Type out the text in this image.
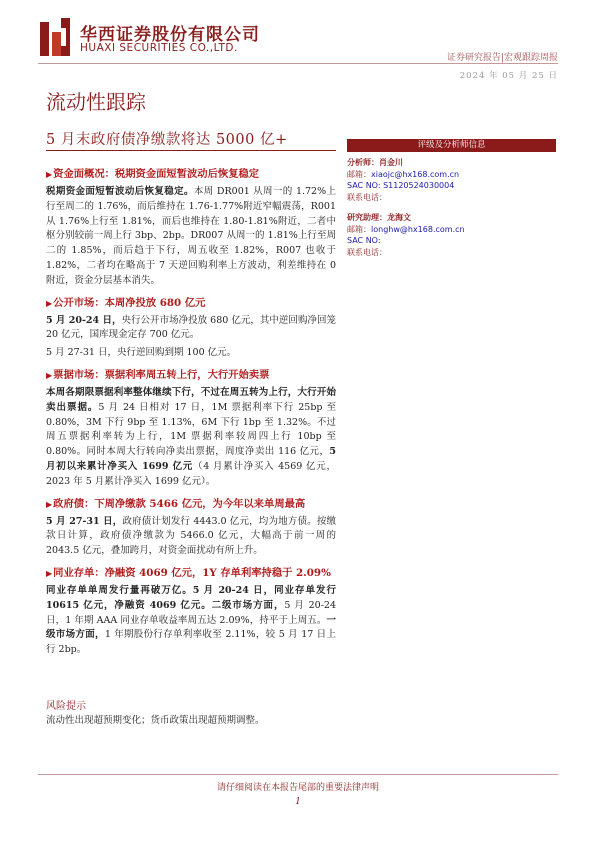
华西证券股份有限公司
HUAXI SECURITIES CO.,LTD.
证券研究报告|宏观跟踪周报
2024 年 05 月 25 日
流动性跟踪
5 月末政府债净缴款将达 5000 亿+
▶资金面概况：税期资金面短暂波动后恢复稳定
税期资金面短暂波动后恢复稳定。本周 DR001 从周一的 1.72%上行至周二的 1.76%，而后维持在 1.76-1.77%附近窄幅震荡，R001 从 1.76%上行至 1.81%，而后也维持在 1.80-1.81%附近，二者中枢分别较前一周上行 3bp、2bp。DR007 从周一的 1.81%上行至周二的 1.85%，而后趋于下行，周五收至 1.82%，R007 也收于 1.82%，二者均在略高于 7 天逆回购利率上方波动，利差维持在 0 附近，资金分层基本消失。
▶公开市场：本周净投放 680 亿元
5 月 20-24 日，央行公开市场净投放 680 亿元，其中逆回购净回笼 20 亿元，国库现金定存 700 亿元。
5 月 27-31 日，央行逆回购到期 100 亿元。
▶票据市场：票据利率周五转上行，大行开始卖票
本周各期限票据利率整体继续下行，不过在周五转为上行，大行开始卖出票据。5 月 24 日相对 17 日，1M 票据利率下行 25bp 至 0.80%，3M 下行 9bp 至 1.13%，6M 下行 1bp 至 1.32%。不过周五票据利率转为上行，1M 票据利率较周四上行 10bp 至 0.80%。同时本周大行转向净卖出票据，周度净卖出 116 亿元，5 月初以来累计净买入 1699 亿元（4 月累计净买入 4569 亿元，2023 年 5 月累计净买入 1699 亿元）。
▶政府债：下周净缴款 5466 亿元，为今年以来单周最高
5 月 27-31 日，政府债计划发行 4443.0 亿元，均为地方债。按缴款日计算，政府债净缴款为 5466.0 亿元，大幅高于前一周的 2043.5 亿元，叠加跨月，对资金面扰动有所上升。
▶同业存单：净融资 4069 亿元，1Y 存单利率持稳于 2.09%
同业存单单周发行量再破万亿。5 月 20-24 日，同业存单发行 10615 亿元，净融资 4069 亿元。二级市场方面，5 月 20-24 日，1 年期 AAA 同业存单收益率周五达 2.09%，持平于上周五。一级市场方面，1 年期股份行存单利率收至 2.11%，较 5 月 17 日上行 2bp。
评级及分析师信息
分析师：肖金川
邮箱：xiaojc@hx168.com.cn
SAC NO: S1120524030004
联系电话：
研究助理：龙海文
邮箱：longhw@hx168.com.cn
SAC NO:
联系电话：
风险提示
流动性出现超预期变化；货币政策出现超预期调整。
请仔细阅读在本报告尾部的重要法律声明
1
